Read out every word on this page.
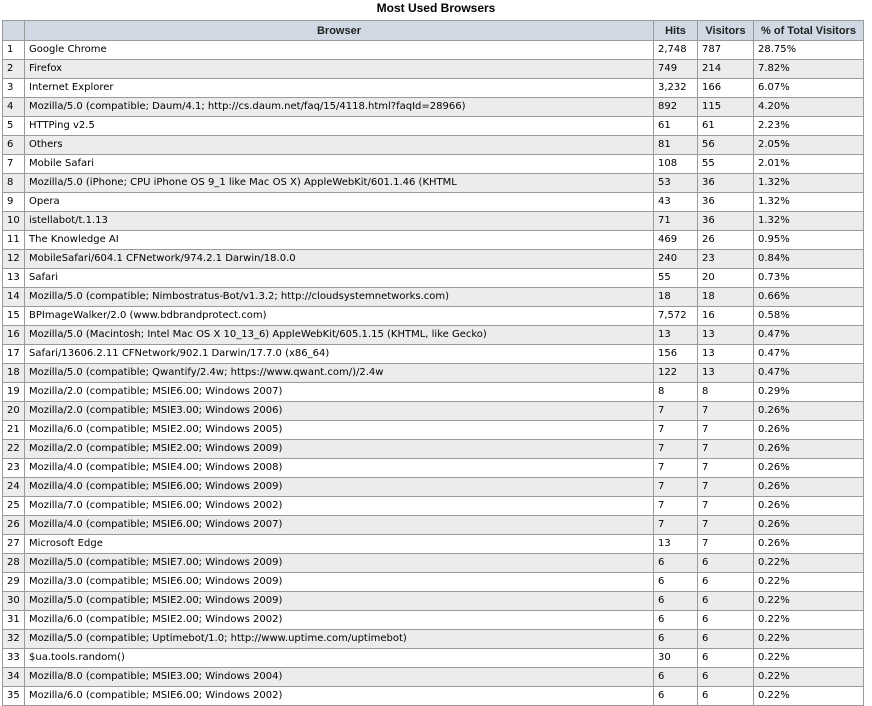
Most Used Browsers
	Browser	Hits	Visitors	% of Total Visitors
1	Google Chrome	2,748	787	28.75%
2	Firefox	749	214	7.82%
3	Internet Explorer	3,232	166	6.07%
4	Mozilla/5.0 (compatible; Daum/4.1; http://cs.daum.net/faq/15/4118.html?faqId=28966)	892	115	4.20%
5	HTTPing v2.5	61	61	2.23%
6	Others	81	56	2.05%
7	Mobile Safari	108	55	2.01%
8	Mozilla/5.0 (iPhone; CPU iPhone OS 9_1 like Mac OS X) AppleWebKit/601.1.46 (KHTML	53	36	1.32%
9	Opera	43	36	1.32%
10	istellabot/t.1.13	71	36	1.32%
11	The Knowledge AI	469	26	0.95%
12	MobileSafari/604.1 CFNetwork/974.2.1 Darwin/18.0.0	240	23	0.84%
13	Safari	55	20	0.73%
14	Mozilla/5.0 (compatible; Nimbostratus-Bot/v1.3.2; http://cloudsystemnetworks.com)	18	18	0.66%
15	BPImageWalker/2.0 (www.bdbrandprotect.com)	7,572	16	0.58%
16	Mozilla/5.0 (Macintosh; Intel Mac OS X 10_13_6) AppleWebKit/605.1.15 (KHTML, like Gecko)	13	13	0.47%
17	Safari/13606.2.11 CFNetwork/902.1 Darwin/17.7.0 (x86_64)	156	13	0.47%
18	Mozilla/5.0 (compatible; Qwantify/2.4w; https://www.qwant.com/)/2.4w	122	13	0.47%
19	Mozilla/2.0 (compatible; MSIE6.00; Windows 2007)	8	8	0.29%
20	Mozilla/2.0 (compatible; MSIE3.00; Windows 2006)	7	7	0.26%
21	Mozilla/6.0 (compatible; MSIE2.00; Windows 2005)	7	7	0.26%
22	Mozilla/2.0 (compatible; MSIE2.00; Windows 2009)	7	7	0.26%
23	Mozilla/4.0 (compatible; MSIE4.00; Windows 2008)	7	7	0.26%
24	Mozilla/4.0 (compatible; MSIE6.00; Windows 2009)	7	7	0.26%
25	Mozilla/7.0 (compatible; MSIE6.00; Windows 2002)	7	7	0.26%
26	Mozilla/4.0 (compatible; MSIE6.00; Windows 2007)	7	7	0.26%
27	Microsoft Edge	13	7	0.26%
28	Mozilla/5.0 (compatible; MSIE7.00; Windows 2009)	6	6	0.22%
29	Mozilla/3.0 (compatible; MSIE6.00; Windows 2009)	6	6	0.22%
30	Mozilla/5.0 (compatible; MSIE2.00; Windows 2009)	6	6	0.22%
31	Mozilla/6.0 (compatible; MSIE2.00; Windows 2002)	6	6	0.22%
32	Mozilla/5.0 (compatible; Uptimebot/1.0; http://www.uptime.com/uptimebot)	6	6	0.22%
33	$ua.tools.random()	30	6	0.22%
34	Mozilla/8.0 (compatible; MSIE3.00; Windows 2004)	6	6	0.22%
35	Mozilla/6.0 (compatible; MSIE6.00; Windows 2002)	6	6	0.22%
